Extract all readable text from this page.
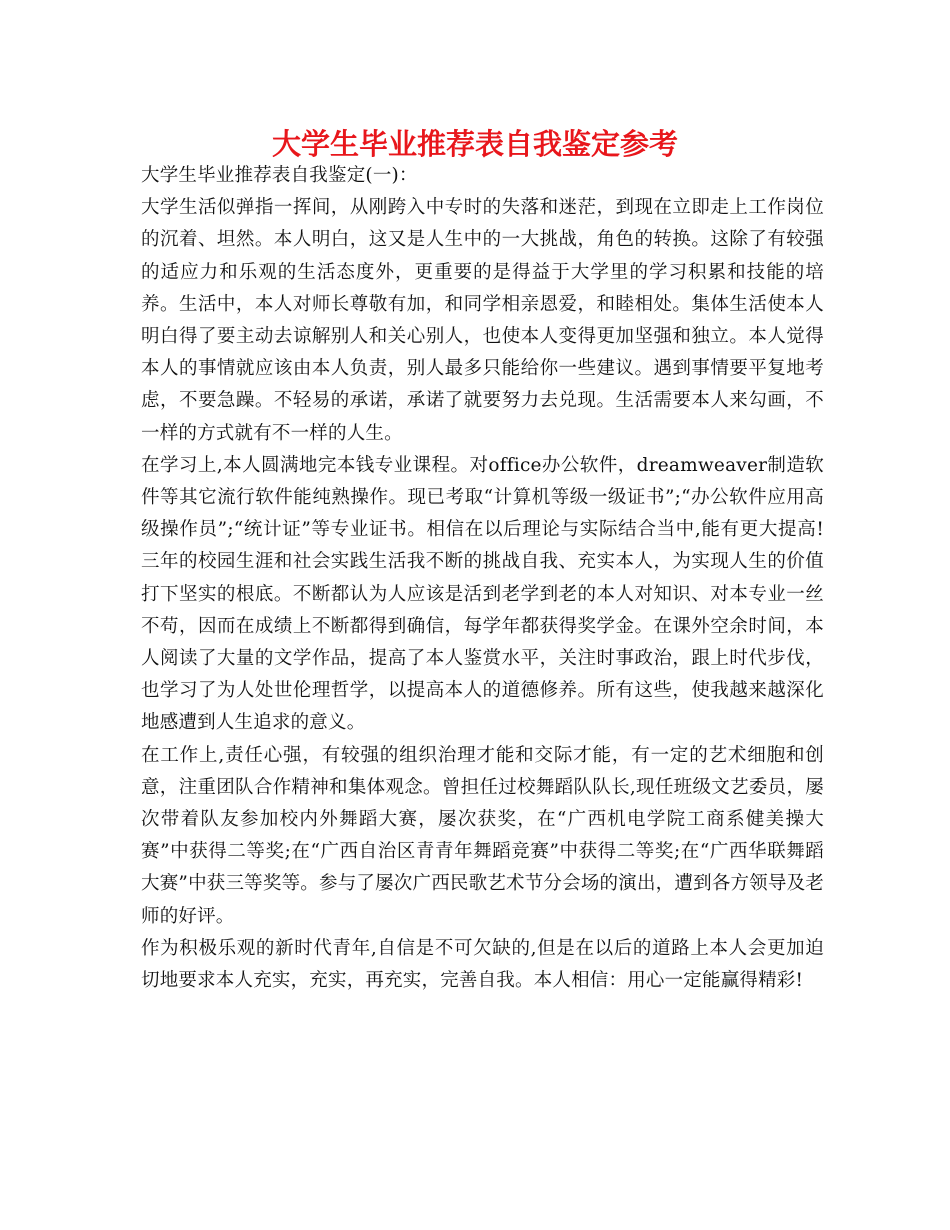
大学生毕业推荐表自我鉴定参考

大学生毕业推荐表自我鉴定(一)：

大学生活似弹指一挥间，从刚跨入中专时的失落和迷茫，到现在立即走上工作岗位的沉着、坦然。本人明白，这又是人生中的一大挑战，角色的转换。这除了有较强的适应力和乐观的生活态度外，更重要的是得益于大学里的学习积累和技能的培养。生活中，本人对师长尊敬有加，和同学相亲恩爱，和睦相处。集体生活使本人明白得了要主动去谅解别人和关心别人，也使本人变得更加坚强和独立。本人觉得本人的事情就应该由本人负责，别人最多只能给你一些建议。遇到事情要平复地考虑，不要急躁。不轻易的承诺，承诺了就要努力去兑现。生活需要本人来勾画，不一样的方式就有不一样的人生。

在学习上,本人圆满地完本钱专业课程。对office办公软件，dreamweaver制造软件等其它流行软件能纯熟操作。现已考取“计算机等级一级证书”;“办公软件应用高级操作员”;“统计证”等专业证书。相信在以后理论与实际结合当中,能有更大提高!三年的校园生涯和社会实践生活我不断的挑战自我、充实本人，为实现人生的价值打下坚实的根底。不断都认为人应该是活到老学到老的本人对知识、对本专业一丝不苟，因而在成绩上不断都得到确信，每学年都获得奖学金。在课外空余时间，本人阅读了大量的文学作品，提高了本人鉴赏水平，关注时事政治，跟上时代步伐，也学习了为人处世伦理哲学，以提高本人的道德修养。所有这些，使我越来越深化地感遭到人生追求的意义。

在工作上,责任心强，有较强的组织治理才能和交际才能，有一定的艺术细胞和创意，注重团队合作精神和集体观念。曾担任过校舞蹈队队长,现任班级文艺委员，屡次带着队友参加校内外舞蹈大赛，屡次获奖，在“广西机电学院工商系健美操大赛”中获得二等奖;在“广西自治区青青年舞蹈竞赛”中获得二等奖;在“广西华联舞蹈大赛”中获三等奖等。参与了屡次广西民歌艺术节分会场的演出，遭到各方领导及老师的好评。

作为积极乐观的新时代青年,自信是不可欠缺的,但是在以后的道路上本人会更加迫切地要求本人充实，充实，再充实，完善自我。本人相信：用心一定能赢得精彩!
